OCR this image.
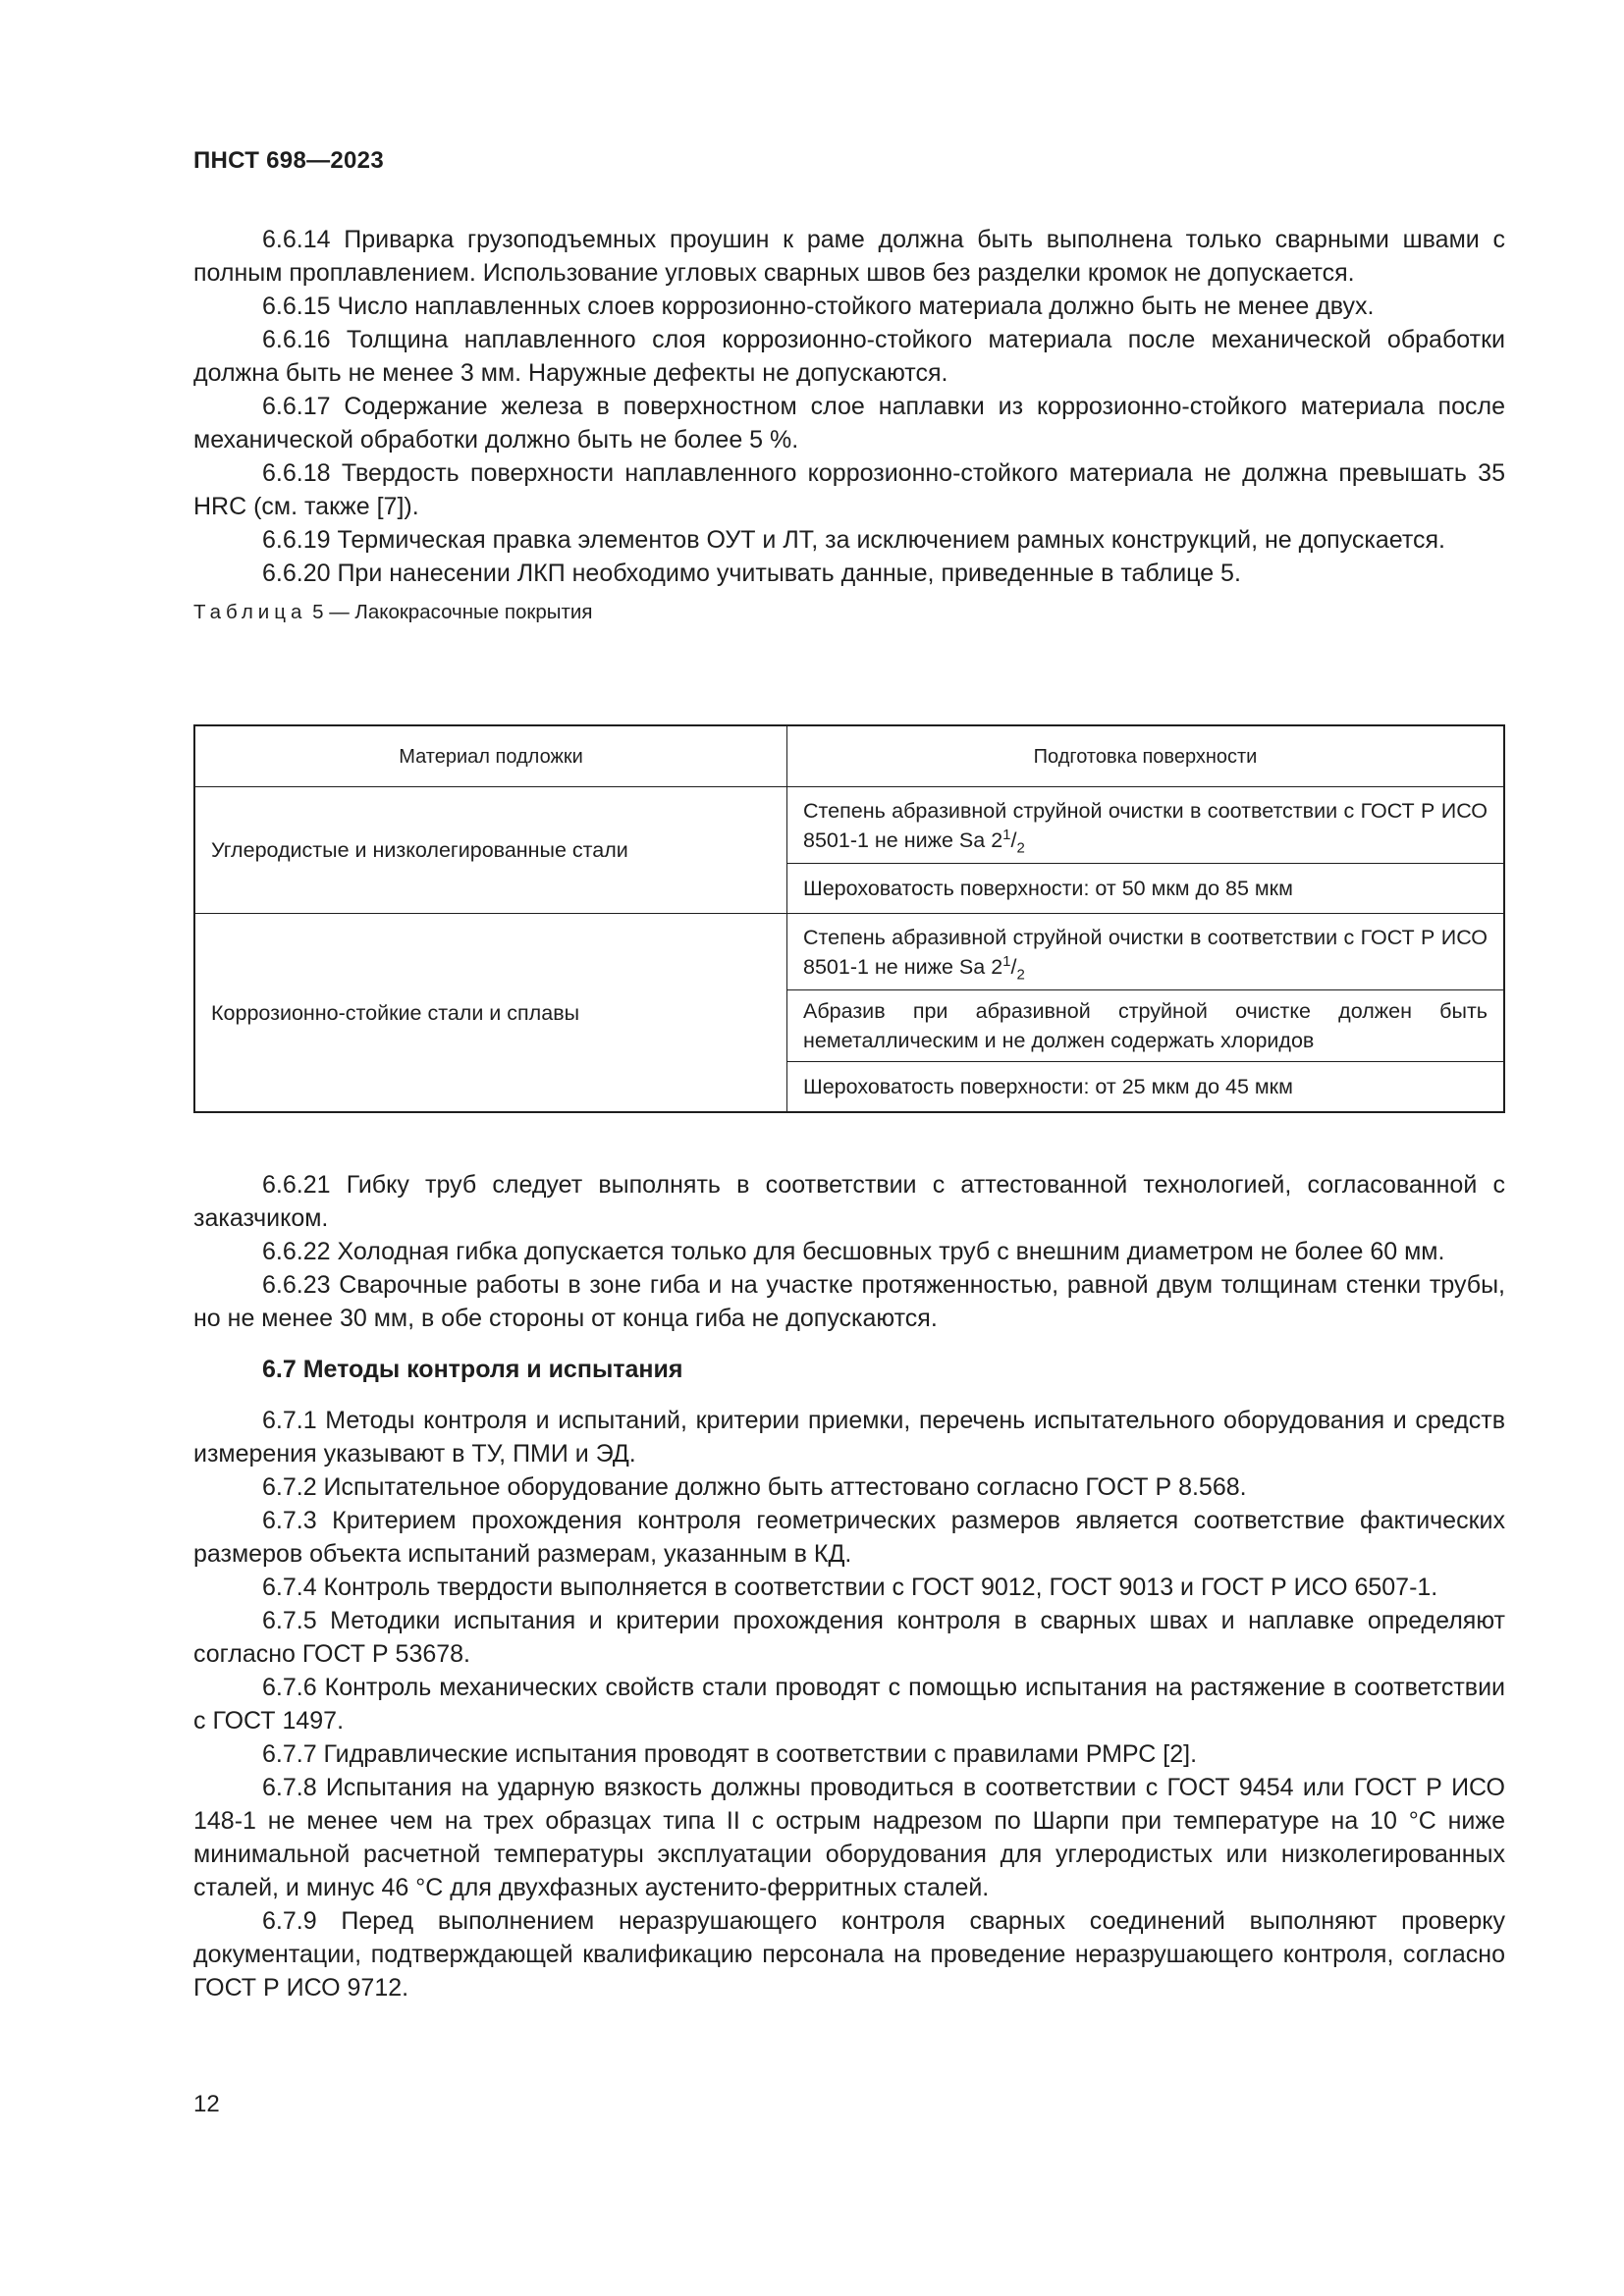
ПНСТ 698—2023

6.6.14 Приварка грузоподъемных проушин к раме должна быть выполнена только сварными швами с полным проплавлением. Использование угловых сварных швов без разделки кромок не допускается.

6.6.15 Число наплавленных слоев коррозионно-стойкого материала должно быть не менее двух.

6.6.16 Толщина наплавленного слоя коррозионно-стойкого материала после механической обработки должна быть не менее 3 мм. Наружные дефекты не допускаются.

6.6.17 Содержание железа в поверхностном слое наплавки из коррозионно-стойкого материала после механической обработки должно быть не более 5 %.

6.6.18 Твердость поверхности наплавленного коррозионно-стойкого материала не должна превышать 35 HRC (см. также [7]).

6.6.19 Термическая правка элементов ОУТ и ЛТ, за исключением рамных конструкций, не допускается.

6.6.20 При нанесении ЛКП необходимо учитывать данные, приведенные в таблице 5.

Таблица 5 — Лакокрасочные покрытия

Материал подложки	Подготовка поверхности
Углеродистые и низколегированные стали	Степень абразивной струйной очистки в соответствии с ГОСТ Р ИСО 8501-1 не ниже Sa $2^1/_2$
	Шероховатость поверхности: от 50 мкм до 85 мкм
Коррозионно-стойкие стали и сплавы	Степень абразивной струйной очистки в соответствии с ГОСТ Р ИСО 8501-1 не ниже Sa $2^1/_2$
	Абразив при абразивной струйной очистке должен быть неметаллическим и не должен содержать хлоридов
	Шероховатость поверхности: от 25 мкм до 45 мкм

6.6.21 Гибку труб следует выполнять в соответствии с аттестованной технологией, согласованной с заказчиком.

6.6.22 Холодная гибка допускается только для бесшовных труб с внешним диаметром не более 60 мм.

6.6.23 Сварочные работы в зоне гиба и на участке протяженностью, равной двум толщинам стенки трубы, но не менее 30 мм, в обе стороны от конца гиба не допускаются.

6.7 Методы контроля и испытания

6.7.1 Методы контроля и испытаний, критерии приемки, перечень испытательного оборудования и средств измерения указывают в ТУ, ПМИ и ЭД.

6.7.2 Испытательное оборудование должно быть аттестовано согласно ГОСТ Р 8.568.

6.7.3 Критерием прохождения контроля геометрических размеров является соответствие фактических размеров объекта испытаний размерам, указанным в КД.

6.7.4 Контроль твердости выполняется в соответствии с ГОСТ 9012, ГОСТ 9013 и ГОСТ Р ИСО 6507-1.

6.7.5 Методики испытания и критерии прохождения контроля в сварных швах и наплавке определяют согласно ГОСТ Р 53678.

6.7.6 Контроль механических свойств стали проводят с помощью испытания на растяжение в соответствии с ГОСТ 1497.

6.7.7 Гидравлические испытания проводят в соответствии с правилами РМРС [2].

6.7.8 Испытания на ударную вязкость должны проводиться в соответствии с ГОСТ 9454 или ГОСТ Р ИСО 148-1 не менее чем на трех образцах типа II с острым надрезом по Шарпи при температуре на 10 °С ниже минимальной расчетной температуры эксплуатации оборудования для углеродистых или низколегированных сталей, и минус 46 °С для двухфазных аустенито-ферритных сталей.

6.7.9 Перед выполнением неразрушающего контроля сварных соединений выполняют проверку документации, подтверждающей квалификацию персонала на проведение неразрушающего контроля, согласно ГОСТ Р ИСО 9712.

12
